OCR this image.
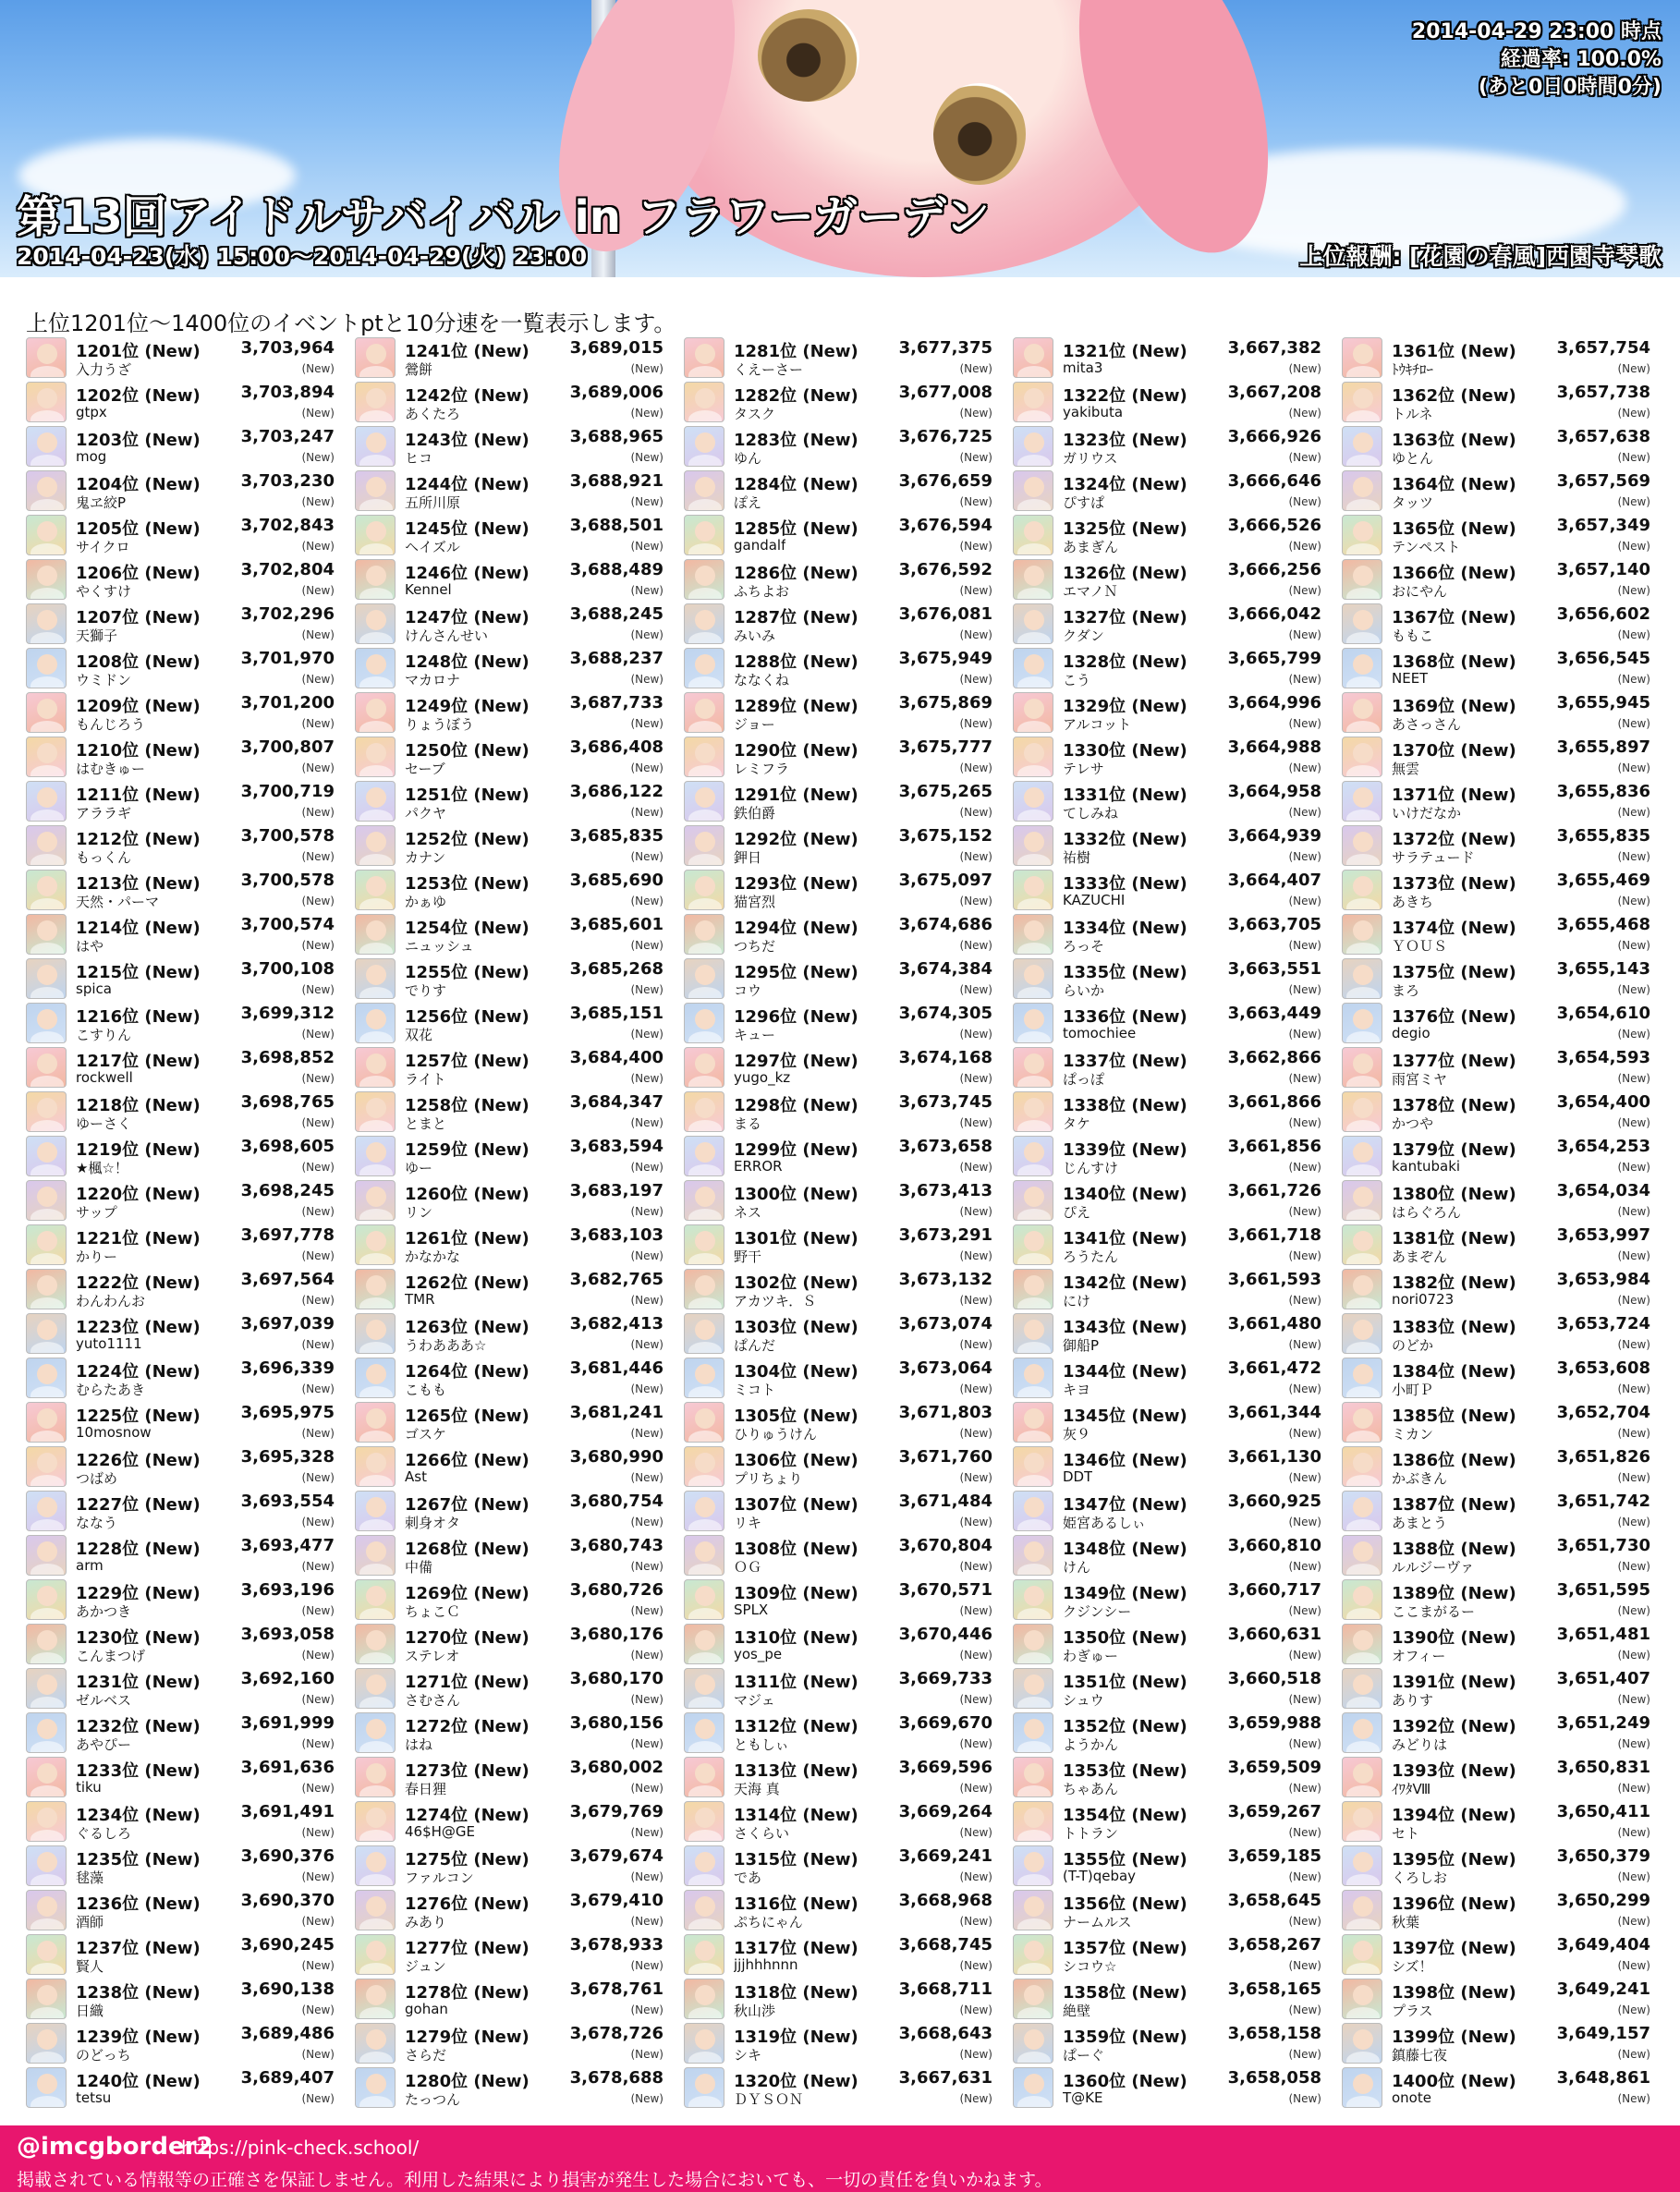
2014-04-29 23:00 時点
経過率: 100.0%
(あと0日0時間0分)
第13回アイドルサバイバル in フラワーガーデン
2014-04-23(水) 15:00～2014-04-29(火) 23:00	上位報酬: [花園の春風]西園寺琴歌
上位1201位～1400位のイベントptと10分速を一覧表示します。
1201位 (New) 3,703,964
入力うざ	(New)
1202位 (New) 3,703,894
gtpx	(New)
1203位 (New) 3,703,247
mog	(New)
1204位 (New) 3,703,230
鬼ヱ絞P	(New)
1205位 (New) 3,702,843
サイクロ	(New)
1206位 (New) 3,702,804
やくすけ	(New)
1207位 (New) 3,702,296
天獅子	(New)
1208位 (New) 3,701,970
ウミドン	(New)
1209位 (New) 3,701,200
もんじろう	(New)
1210位 (New) 3,700,807
はむきゅー	(New)
1211位 (New) 3,700,719
アララギ	(New)
1212位 (New) 3,700,578
もっくん	(New)
1213位 (New) 3,700,578
天然・パーマ	(New)
1214位 (New) 3,700,574
はや	(New)
1215位 (New) 3,700,108
spica	(New)
1216位 (New) 3,699,312
こすりん	(New)
1217位 (New) 3,698,852
rockwell	(New)
1218位 (New) 3,698,765
ゆーさく	(New)
1219位 (New) 3,698,605
★楓☆！	(New)
1220位 (New) 3,698,245
サップ	(New)
1221位 (New) 3,697,778
かりー	(New)
1222位 (New) 3,697,564
わんわんお	(New)
1223位 (New) 3,697,039
yuto1111	(New)
1224位 (New) 3,696,339
むらたあき	(New)
1225位 (New) 3,695,975
10mosnow	(New)
1226位 (New) 3,695,328
つばめ	(New)
1227位 (New) 3,693,554
ななう	(New)
1228位 (New) 3,693,477
arm	(New)
1229位 (New) 3,693,196
あかつき	(New)
1230位 (New) 3,693,058
こんまつげ	(New)
1231位 (New) 3,692,160
ゼルベス	(New)
1232位 (New) 3,691,999
あやぴー	(New)
1233位 (New) 3,691,636
tiku	(New)
1234位 (New) 3,691,491
ぐるしろ	(New)
1235位 (New) 3,690,376
毬藻	(New)
1236位 (New) 3,690,370
酒師	(New)
1237位 (New) 3,690,245
賢人	(New)
1238位 (New) 3,690,138
日織	(New)
1239位 (New) 3,689,486
のどっち	(New)
1240位 (New) 3,689,407
tetsu	(New)
1241位 (New) 3,689,015
鶯餅	(New)
1242位 (New) 3,689,006
あくたろ	(New)
1243位 (New) 3,688,965
ヒコ	(New)
1244位 (New) 3,688,921
五所川原	(New)
1245位 (New) 3,688,501
ヘイズル	(New)
1246位 (New) 3,688,489
Kennel	(New)
1247位 (New) 3,688,245
けんさんせい	(New)
1248位 (New) 3,688,237
マカロナ	(New)
1249位 (New) 3,687,733
りょうぼう	(New)
1250位 (New) 3,686,408
セーブ	(New)
1251位 (New) 3,686,122
パクヤ	(New)
1252位 (New) 3,685,835
カナン	(New)
1253位 (New) 3,685,690
かぁゆ	(New)
1254位 (New) 3,685,601
ニュッシュ	(New)
1255位 (New) 3,685,268
でりす	(New)
1256位 (New) 3,685,151
双花	(New)
1257位 (New) 3,684,400
ライト	(New)
1258位 (New) 3,684,347
とまと	(New)
1259位 (New) 3,683,594
ゆー	(New)
1260位 (New) 3,683,197
リン	(New)
1261位 (New) 3,683,103
かなかな	(New)
1262位 (New) 3,682,765
TMR	(New)
1263位 (New) 3,682,413
うわあああ☆	(New)
1264位 (New) 3,681,446
こもも	(New)
1265位 (New) 3,681,241
ゴスケ	(New)
1266位 (New) 3,680,990
Ast	(New)
1267位 (New) 3,680,754
刺身オタ	(New)
1268位 (New) 3,680,743
中備	(New)
1269位 (New) 3,680,726
ちょこＣ	(New)
1270位 (New) 3,680,176
ステレオ	(New)
1271位 (New) 3,680,170
さむさん	(New)
1272位 (New) 3,680,156
はね	(New)
1273位 (New) 3,680,002
春日狸	(New)
1274位 (New) 3,679,769
46$H@GE	(New)
1275位 (New) 3,679,674
ファルコン	(New)
1276位 (New) 3,679,410
みあり	(New)
1277位 (New) 3,678,933
ジュン	(New)
1278位 (New) 3,678,761
gohan	(New)
1279位 (New) 3,678,726
さらだ	(New)
1280位 (New) 3,678,688
たっつん	(New)
1281位 (New) 3,677,375
くえーさー	(New)
1282位 (New) 3,677,008
タスク	(New)
1283位 (New) 3,676,725
ゆん	(New)
1284位 (New) 3,676,659
ぽえ	(New)
1285位 (New) 3,676,594
gandalf	(New)
1286位 (New) 3,676,592
ふちよお	(New)
1287位 (New) 3,676,081
みいみ	(New)
1288位 (New) 3,675,949
ななくね	(New)
1289位 (New) 3,675,869
ジョー	(New)
1290位 (New) 3,675,777
レミフラ	(New)
1291位 (New) 3,675,265
鉄伯爵	(New)
1292位 (New) 3,675,152
鉀日	(New)
1293位 (New) 3,675,097
猫宮烈	(New)
1294位 (New) 3,674,686
つちだ	(New)
1295位 (New) 3,674,384
コウ	(New)
1296位 (New) 3,674,305
キュー	(New)
1297位 (New) 3,674,168
yugo_kz	(New)
1298位 (New) 3,673,745
まる	(New)
1299位 (New) 3,673,658
ERROR	(New)
1300位 (New) 3,673,413
ネス	(New)
1301位 (New) 3,673,291
野干	(New)
1302位 (New) 3,673,132
アカツキ．Ｓ	(New)
1303位 (New) 3,673,074
ぱんだ	(New)
1304位 (New) 3,673,064
ミコト	(New)
1305位 (New) 3,671,803
ひりゅうけん	(New)
1306位 (New) 3,671,760
プリちょり	(New)
1307位 (New) 3,671,484
リキ	(New)
1308位 (New) 3,670,804
ＯＧ	(New)
1309位 (New) 3,670,571
SPLX	(New)
1310位 (New) 3,670,446
yos_pe	(New)
1311位 (New) 3,669,733
マジェ	(New)
1312位 (New) 3,669,670
ともしぃ	(New)
1313位 (New) 3,669,596
天海 真	(New)
1314位 (New) 3,669,264
さくらい	(New)
1315位 (New) 3,669,241
であ	(New)
1316位 (New) 3,668,968
ぷちにゃん	(New)
1317位 (New) 3,668,745
jjjhhhnnn	(New)
1318位 (New) 3,668,711
秋山渉	(New)
1319位 (New) 3,668,643
シキ	(New)
1320位 (New) 3,667,631
ＤＹＳＯＮ	(New)
1321位 (New) 3,667,382
mita3	(New)
1322位 (New) 3,667,208
yakibuta	(New)
1323位 (New) 3,666,926
ガリウス	(New)
1324位 (New) 3,666,646
ぴすぱ	(New)
1325位 (New) 3,666,526
あまぎん	(New)
1326位 (New) 3,666,256
エマノＮ	(New)
1327位 (New) 3,666,042
クダン	(New)
1328位 (New) 3,665,799
こう	(New)
1329位 (New) 3,664,996
アルコット	(New)
1330位 (New) 3,664,988
テレサ	(New)
1331位 (New) 3,664,958
てしみね	(New)
1332位 (New) 3,664,939
祐樹	(New)
1333位 (New) 3,664,407
KAZUCHI	(New)
1334位 (New) 3,663,705
ろっそ	(New)
1335位 (New) 3,663,551
らいか	(New)
1336位 (New) 3,663,449
tomochiee	(New)
1337位 (New) 3,662,866
ぱっぽ	(New)
1338位 (New) 3,661,866
タケ	(New)
1339位 (New) 3,661,856
じんすけ	(New)
1340位 (New) 3,661,726
ぴえ	(New)
1341位 (New) 3,661,718
ろうたん	(New)
1342位 (New) 3,661,593
にけ	(New)
1343位 (New) 3,661,480
御船P	(New)
1344位 (New) 3,661,472
キヨ	(New)
1345位 (New) 3,661,344
灰９	(New)
1346位 (New) 3,661,130
DDT	(New)
1347位 (New) 3,660,925
姫宮あるしぃ	(New)
1348位 (New) 3,660,810
けん	(New)
1349位 (New) 3,660,717
クジンシー	(New)
1350位 (New) 3,660,631
わぎゅー	(New)
1351位 (New) 3,660,518
シュウ	(New)
1352位 (New) 3,659,988
ようかん	(New)
1353位 (New) 3,659,509
ちゃあん	(New)
1354位 (New) 3,659,267
トトラン	(New)
1355位 (New) 3,659,185
(T-T)qebay	(New)
1356位 (New) 3,658,645
ナームルス	(New)
1357位 (New) 3,658,267
シコウ☆	(New)
1358位 (New) 3,658,165
絶壁	(New)
1359位 (New) 3,658,158
ぱーぐ	(New)
1360位 (New) 3,658,058
T@KE	(New)
1361位 (New) 3,657,754
ﾄｳｷﾁﾛｰ	(New)
1362位 (New) 3,657,738
トルネ	(New)
1363位 (New) 3,657,638
ゆとん	(New)
1364位 (New) 3,657,569
タッツ	(New)
1365位 (New) 3,657,349
テンペスト	(New)
1366位 (New) 3,657,140
おにやん	(New)
1367位 (New) 3,656,602
ももこ	(New)
1368位 (New) 3,656,545
NEET	(New)
1369位 (New) 3,655,945
あさっさん	(New)
1370位 (New) 3,655,897
無雲	(New)
1371位 (New) 3,655,836
いけだなか	(New)
1372位 (New) 3,655,835
サラテュード	(New)
1373位 (New) 3,655,469
あきち	(New)
1374位 (New) 3,655,468
ＹＯＵＳ	(New)
1375位 (New) 3,655,143
まろ	(New)
1376位 (New) 3,654,610
degio	(New)
1377位 (New) 3,654,593
雨宮ミヤ	(New)
1378位 (New) 3,654,400
かつや	(New)
1379位 (New) 3,654,253
kantubaki	(New)
1380位 (New) 3,654,034
はらぐろん	(New)
1381位 (New) 3,653,997
あまぞん	(New)
1382位 (New) 3,653,984
nori0723	(New)
1383位 (New) 3,653,724
のどか	(New)
1384位 (New) 3,653,608
小町Ｐ	(New)
1385位 (New) 3,652,704
ミカン	(New)
1386位 (New) 3,651,826
かぶきん	(New)
1387位 (New) 3,651,742
あまとう	(New)
1388位 (New) 3,651,730
ルルジーヴァ	(New)
1389位 (New) 3,651,595
ここまがるー	(New)
1390位 (New) 3,651,481
オフィー	(New)
1391位 (New) 3,651,407
ありす	(New)
1392位 (New) 3,651,249
みどりは	(New)
1393位 (New) 3,650,831
ｲﾜﾀⅧ	(New)
1394位 (New) 3,650,411
セト	(New)
1395位 (New) 3,650,379
くろしお	(New)
1396位 (New) 3,650,299
秋葉	(New)
1397位 (New) 3,649,404
シズ！	(New)
1398位 (New) 3,649,241
プラス	(New)
1399位 (New) 3,649,157
鎮藤七夜	(New)
1400位 (New) 3,648,861
onote	(New)
@imcgborder2
https://pink-check.school/
掲載されている情報等の正確さを保証しません。利用した結果により損害が発生した場合においても、一切の責任を負いかねます。
